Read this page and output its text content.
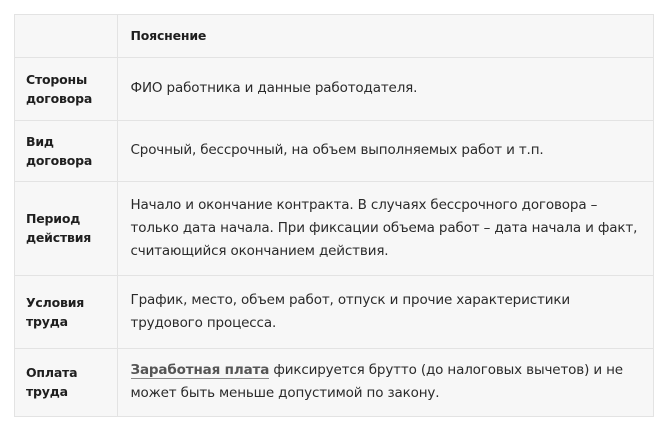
	Пояснение
Стороны договора	ФИО работника и данные работодателя.
Вид договора	Срочный, бессрочный, на объем выполняемых работ и т.п.
Период действия	Начало и окончание контракта. В случаях бессрочного договора – только дата начала. При фиксации объема работ – дата начала и факт, считающийся окончанием действия.
Условия труда	График, место, объем работ, отпуск и прочие характеристики трудового процесса.
Оплата труда	Заработная плата фиксируется брутто (до налоговых вычетов) и не может быть меньше допустимой по закону.
